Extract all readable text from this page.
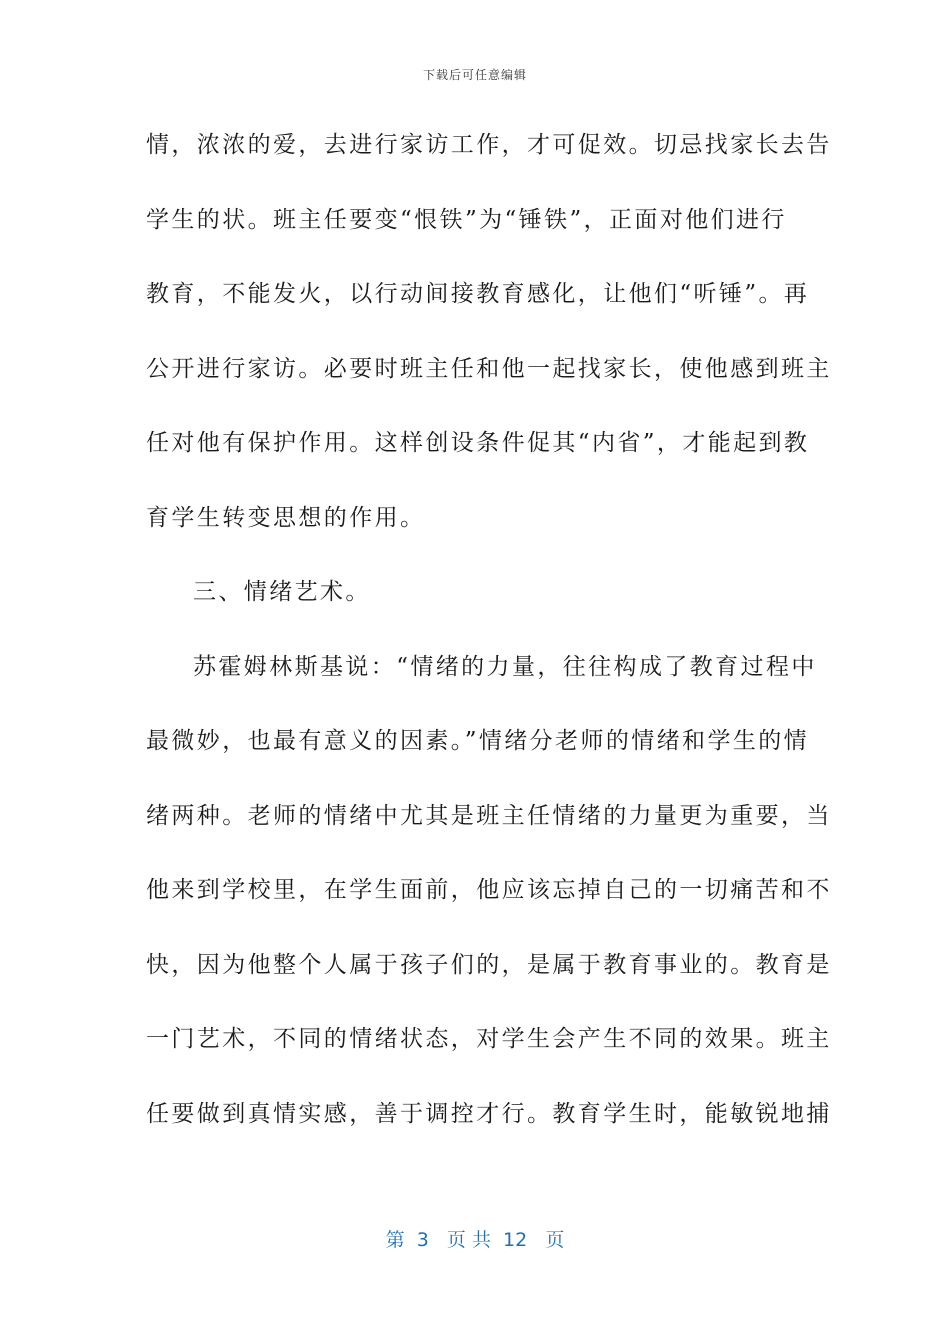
下载后可任意编辑
情，浓浓的爱，去进行家访工作，才可促效。切忌找家长去告
学生的状。班主任要变“恨铁”为“锤铁”，正面对他们进行
教育，不能发火，以行动间接教育感化，让他们“听锤”。再
公开进行家访。必要时班主任和他一起找家长，使他感到班主
任对他有保护作用。这样创设条件促其“内省”，才能起到教
育学生转变思想的作用。
三、情绪艺术。
苏霍姆林斯基说：“情绪的力量，往往构成了教育过程中
最微妙，也最有意义的因素。”情绪分老师的情绪和学生的情
绪两种。老师的情绪中尤其是班主任情绪的力量更为重要，当
他来到学校里，在学生面前，他应该忘掉自己的一切痛苦和不
快，因为他整个人属于孩子们的，是属于教育事业的。教育是
一门艺术，不同的情绪状态，对学生会产生不同的效果。班主
任要做到真情实感，善于调控才行。教育学生时，能敏锐地捕
第  3   页 共  12   页
